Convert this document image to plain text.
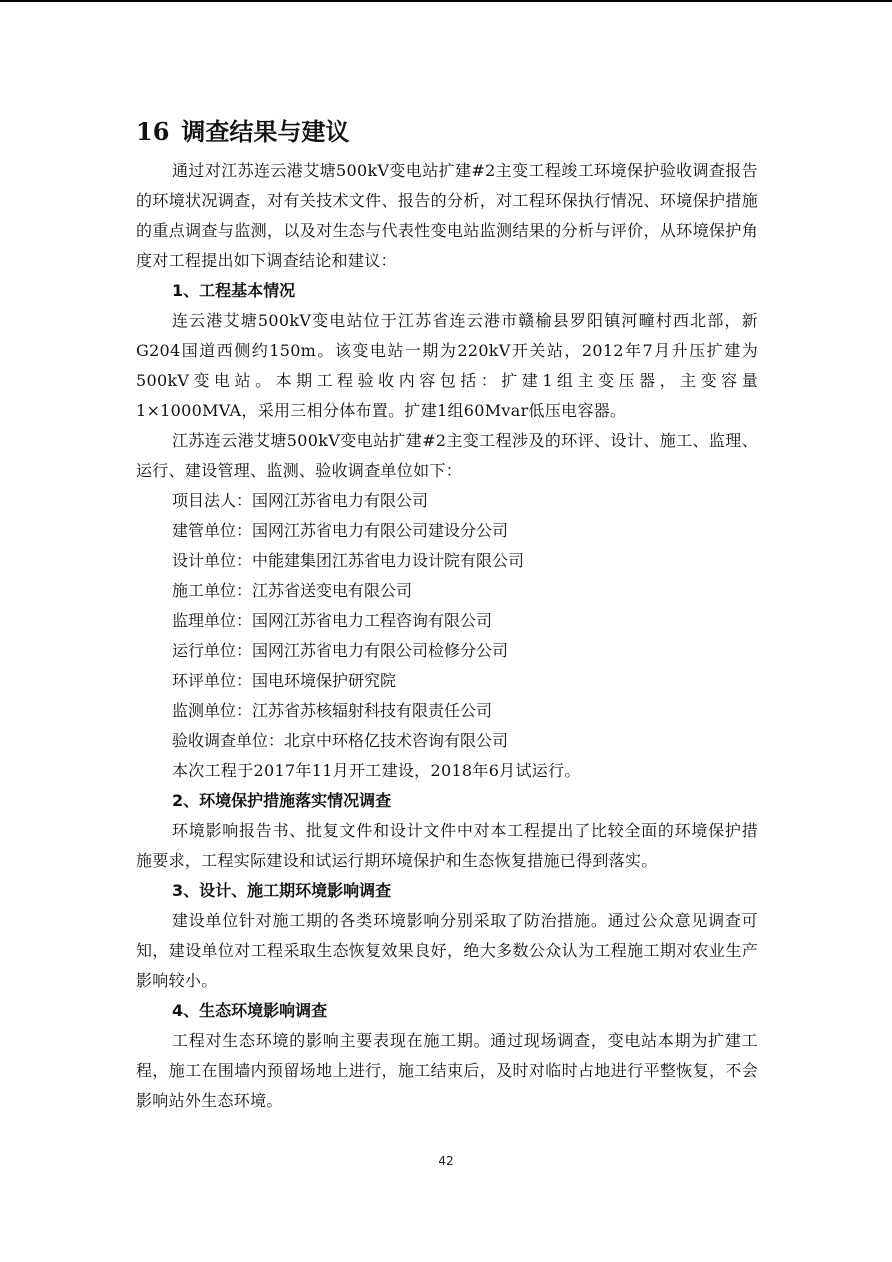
16 调查结果与建议

通过对江苏连云港艾塘500kV变电站扩建#2主变工程竣工环境保护验收调查报告的环境状况调查，对有关技术文件、报告的分析，对工程环保执行情况、环境保护措施的重点调查与监测，以及对生态与代表性变电站监测结果的分析与评价，从环境保护角度对工程提出如下调查结论和建议：

1、工程基本情况

连云港艾塘500kV变电站位于江苏省连云港市赣榆县罗阳镇河疃村西北部，新G204国道西侧约150m。该变电站一期为220kV开关站，2012年7月升压扩建为500kV变电站。本期工程验收内容包括：扩建1组主变压器，主变容量1×1000MVA，采用三相分体布置。扩建1组60Mvar低压电容器。

江苏连云港艾塘500kV变电站扩建#2主变工程涉及的环评、设计、施工、监理、运行、建设管理、监测、验收调查单位如下：

项目法人：国网江苏省电力有限公司
建管单位：国网江苏省电力有限公司建设分公司
设计单位：中能建集团江苏省电力设计院有限公司
施工单位：江苏省送变电有限公司
监理单位：国网江苏省电力工程咨询有限公司
运行单位：国网江苏省电力有限公司检修分公司
环评单位：国电环境保护研究院
监测单位：江苏省苏核辐射科技有限责任公司
验收调查单位：北京中环格亿技术咨询有限公司

本次工程于2017年11月开工建设，2018年6月试运行。

2、环境保护措施落实情况调查

环境影响报告书、批复文件和设计文件中对本工程提出了比较全面的环境保护措施要求，工程实际建设和试运行期环境保护和生态恢复措施已得到落实。

3、设计、施工期环境影响调查

建设单位针对施工期的各类环境影响分别采取了防治措施。通过公众意见调查可知，建设单位对工程采取生态恢复效果良好，绝大多数公众认为工程施工期对农业生产影响较小。

4、生态环境影响调查

工程对生态环境的影响主要表现在施工期。通过现场调查，变电站本期为扩建工程，施工在围墙内预留场地上进行，施工结束后，及时对临时占地进行平整恢复，不会影响站外生态环境。

42
